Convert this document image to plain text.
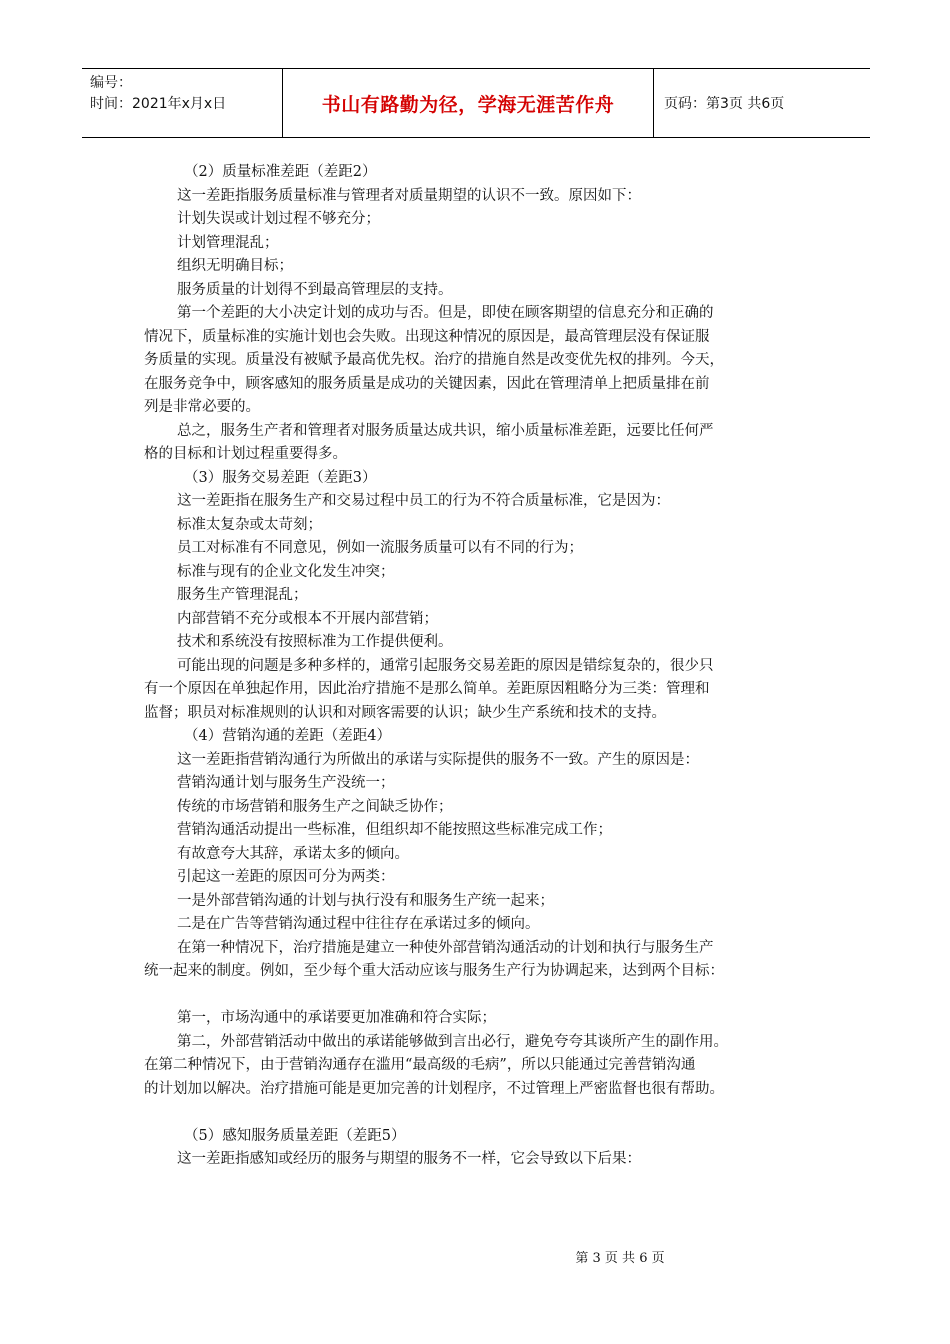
编号：
时间：2021年x月x日	书山有路勤为径，学海无涯苦作舟	页码：第3页 共6页
（2）质量标准差距（差距2）
这一差距指服务质量标准与管理者对质量期望的认识不一致。原因如下：
计划失误或计划过程不够充分；
计划管理混乱；
组织无明确目标；
服务质量的计划得不到最高管理层的支持。
第一个差距的大小决定计划的成功与否。但是，即使在顾客期望的信息充分和正确的
情况下，质量标准的实施计划也会失败。出现这种情况的原因是，最高管理层没有保证服
务质量的实现。质量没有被赋予最高优先权。治疗的措施自然是改变优先权的排列。今天，
在服务竞争中，顾客感知的服务质量是成功的关键因素，因此在管理清单上把质量排在前
列是非常必要的。
总之，服务生产者和管理者对服务质量达成共识，缩小质量标准差距，远要比任何严
格的目标和计划过程重要得多。
（3）服务交易差距（差距3）
这一差距指在服务生产和交易过程中员工的行为不符合质量标准，它是因为：
标准太复杂或太苛刻；
员工对标准有不同意见，例如一流服务质量可以有不同的行为；
标准与现有的企业文化发生冲突；
服务生产管理混乱；
内部营销不充分或根本不开展内部营销；
技术和系统没有按照标准为工作提供便利。
可能出现的问题是多种多样的，通常引起服务交易差距的原因是错综复杂的，很少只
有一个原因在单独起作用，因此治疗措施不是那么简单。差距原因粗略分为三类：管理和
监督；职员对标准规则的认识和对顾客需要的认识；缺少生产系统和技术的支持。
（4）营销沟通的差距（差距4）
这一差距指营销沟通行为所做出的承诺与实际提供的服务不一致。产生的原因是：
营销沟通计划与服务生产没统一；
传统的市场营销和服务生产之间缺乏协作；
营销沟通活动提出一些标准，但组织却不能按照这些标准完成工作；
有故意夸大其辞，承诺太多的倾向。
引起这一差距的原因可分为两类：
一是外部营销沟通的计划与执行没有和服务生产统一起来；
二是在广告等营销沟通过程中往往存在承诺过多的倾向。
在第一种情况下，治疗措施是建立一种使外部营销沟通活动的计划和执行与服务生产
统一起来的制度。例如，至少每个重大活动应该与服务生产行为协调起来，达到两个目标：
第一，市场沟通中的承诺要更加准确和符合实际；
第二，外部营销活动中做出的承诺能够做到言出必行，避免夸夸其谈所产生的副作用。
在第二种情况下，由于营销沟通存在滥用“最高级的毛病”，所以只能通过完善营销沟通
的计划加以解决。治疗措施可能是更加完善的计划程序，不过管理上严密监督也很有帮助。
（5）感知服务质量差距（差距5）
这一差距指感知或经历的服务与期望的服务不一样，它会导致以下后果：
第 3 页 共 6 页
